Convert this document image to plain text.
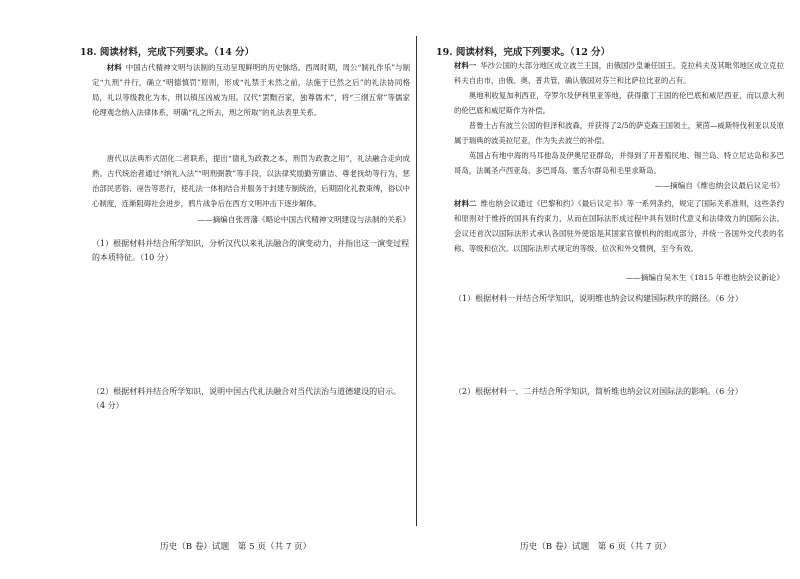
18. 阅读材料，完成下列要求。（14 分）
材料 中国古代精神文明与法制的互动呈现鲜明的历史脉络。西周时期，周公“制礼作乐”与制定“九刑”并行，确立“明德慎罚”原则，形成“礼禁于未然之前，法施于已然之后”的礼法协同格局，礼以等级教化为本，刑以镇压凶威为用。汉代“罢黜百家，独尊儒术”，将“三纲五常”等儒家伦理观念纳入法律体系，明确“礼之所去，刑之所取”的礼法表里关系。
唐代以法典形式固化二者联系，提出“德礼为政教之本，刑罚为政教之用”，礼法融合走向成熟。古代统治者通过“纳礼入法”“明刑弼教”等手段，以法律奖励勤劳廉洁、尊老抚幼等行为，惩治部民恶俗、诬告等恶行，使礼法一体相结合并服务于封建专制统治，后期固化礼教束缚，俗以中心制度，连渐阻碍社会进步，鸦片战争后在西方文明冲击下逐步解体。
——摘编自张晋藩《略论中国古代精神文明建设与法制的关系》
（1）根据材料并结合所学知识，分析汉代以来礼法融合的演变动力，并指出这一演变过程的本质特征。（10 分）
（2）根据材料并结合所学知识，说明中国古代礼法融合对当代法治与道德建设的启示。（4 分）
历史（B 卷）试题　第 5 页（共 7 页）
19. 阅读材料，完成下列要求。（12 分）
材料一 华沙公国的大部分地区成立波兰王国，由俄国沙皇兼任国王。克拉科夫及其毗邻地区成立克拉科夫自由市，由俄、奥、普共管，确认俄国对芬兰和比萨拉比亚的占有。
奥地利收复加利西亚，夺罗尔及伊利里亚等地，获得撒丁王国的伦巴底和威尼西亚，而以意大利的伦巴底和威尼斯作为补偿。
普鲁士占有波兰公国的但泽和波森，并获得了2/5的萨克森王国领土，莱茵—威斯特伐利亚以及原属于瑞典的波美拉尼亚，作为失去波兰的补偿。
英国占有地中海的马耳他岛及伊奥尼亚群岛，并得到了开普殖民地、锡兰岛、特立尼达岛和多巴哥岛，法属圣卢西亚岛、多巴哥岛、塞舌尔群岛和毛里求斯岛。
——摘编自《维也纳会议最后议定书》
材料二 维也纳会议通过《巴黎和约》《最后议定书》等一系列条约，规定了国际关系准则，这些条约和原则对于维持的国具有约束力，从而在国际法形成过程中具有划时代意义和法律效力的国际公法。会议还首次以国际法形式承认各国驻外使馆是其国家官僚机构的组成部分，并统一各国外交代表的名称、等级和位次。以国际法形式规定的等级、位次和外交惯例，至今有效。
——摘编自吴木生《1815 年维也纳会议新论》
（1）根据材料一并结合所学知识，说明维也纳会议构建国际秩序的路径。（6 分）
（2）根据材料一、二并结合所学知识，简析维也纳会议对国际法的影响。（6 分）
历史（B 卷）试题　第 6 页（共 7 页）
